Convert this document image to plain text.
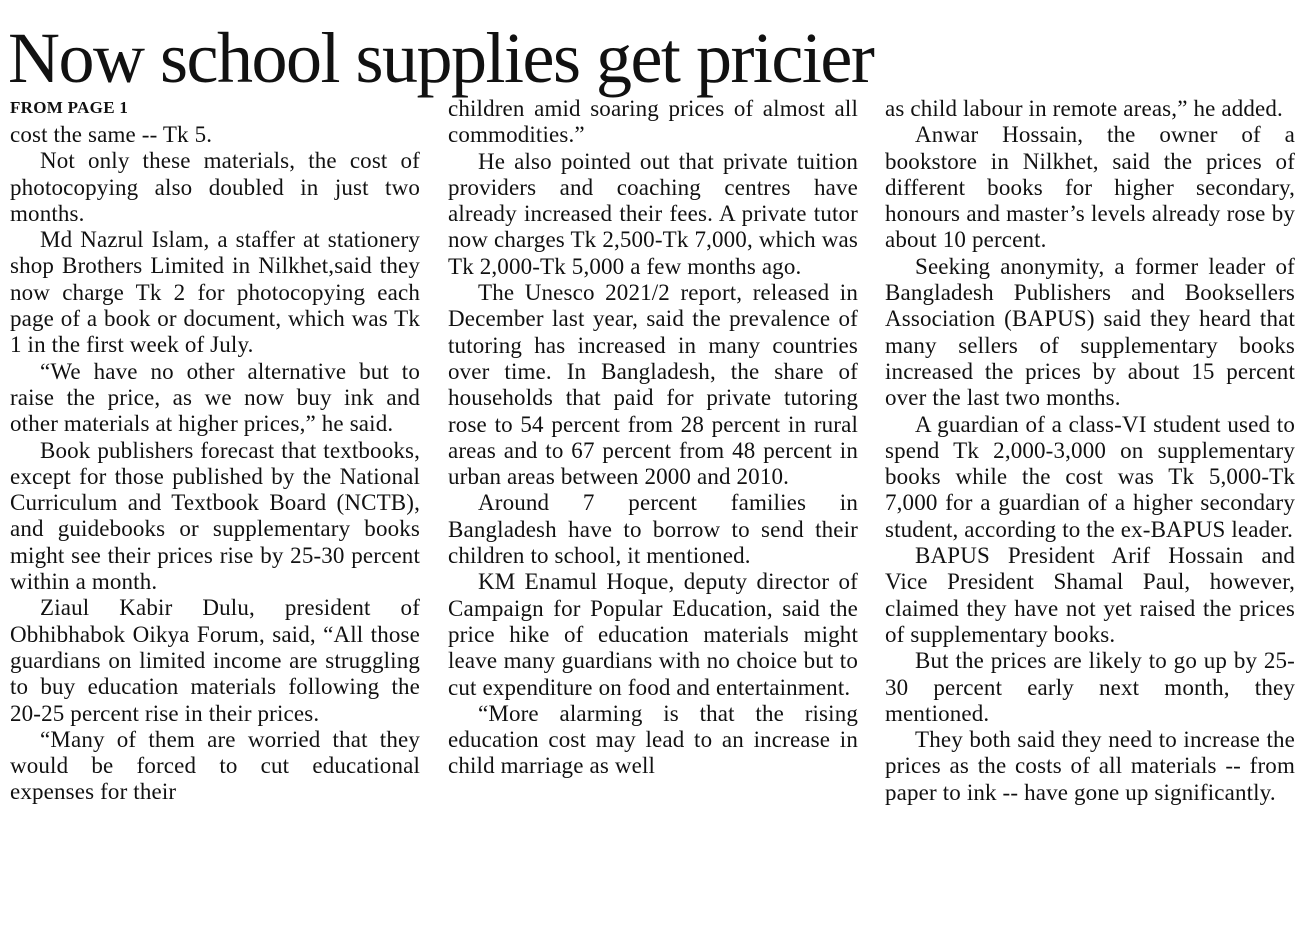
Now school supplies get pricier
FROM PAGE 1

cost the same -- Tk 5.

Not only these materials, the cost of photocopying also doubled in just two months.

Md Nazrul Islam, a staffer at stationery shop Brothers Limited in Nilkhet,said they now charge Tk 2 for photocopying each page of a book or document, which was Tk 1 in the first week of July.

“We have no other alternative but to raise the price, as we now buy ink and other materials at higher prices,” he said.

Book publishers forecast that textbooks, except for those published by the National Curriculum and Textbook Board (NCTB), and guidebooks or supplementary books might see their prices rise by 25-30 percent within a month.

Ziaul Kabir Dulu, president of Obhibhabok Oikya Forum, said, “All those guardians on limited income are struggling to buy education materials following the 20-25 percent rise in their prices.

“Many of them are worried that they would be forced to cut educational expenses for their

children amid soaring prices of almost all commodities.”

He also pointed out that private tuition providers and coaching centres have already increased their fees. A private tutor now charges Tk 2,500-Tk 7,000, which was Tk 2,000-Tk 5,000 a few months ago.

The Unesco 2021/2 report, released in December last year, said the prevalence of tutoring has increased in many countries over time. In Bangladesh, the share of households that paid for private tutoring rose to 54 percent from 28 percent in rural areas and to 67 percent from 48 percent in urban areas between 2000 and 2010.

Around 7 percent families in Bangladesh have to borrow to send their children to school, it mentioned.

KM Enamul Hoque, deputy director of Campaign for Popular Education, said the price hike of education materials might leave many guardians with no choice but to cut expenditure on food and entertainment.

“More alarming is that the rising education cost may lead to an increase in child marriage as well

as child labour in remote areas,” he added.

Anwar Hossain, the owner of a bookstore in Nilkhet, said the prices of different books for higher secondary, honours and master’s levels already rose by about 10 percent.

Seeking anonymity, a former leader of Bangladesh Publishers and Booksellers Association (BAPUS) said they heard that many sellers of supplementary books increased the prices by about 15 percent over the last two months.

A guardian of a class-VI student used to spend Tk 2,000-3,000 on supplementary books while the cost was Tk 5,000-Tk 7,000 for a guardian of a higher secondary student, according to the ex-BAPUS leader.

BAPUS President Arif Hossain and Vice President Shamal Paul, however, claimed they have not yet raised the prices of supplementary books.

But the prices are likely to go up by 25-30 percent early next month, they mentioned.

They both said they need to increase the prices as the costs of all materials -- from paper to ink -- have gone up significantly.
